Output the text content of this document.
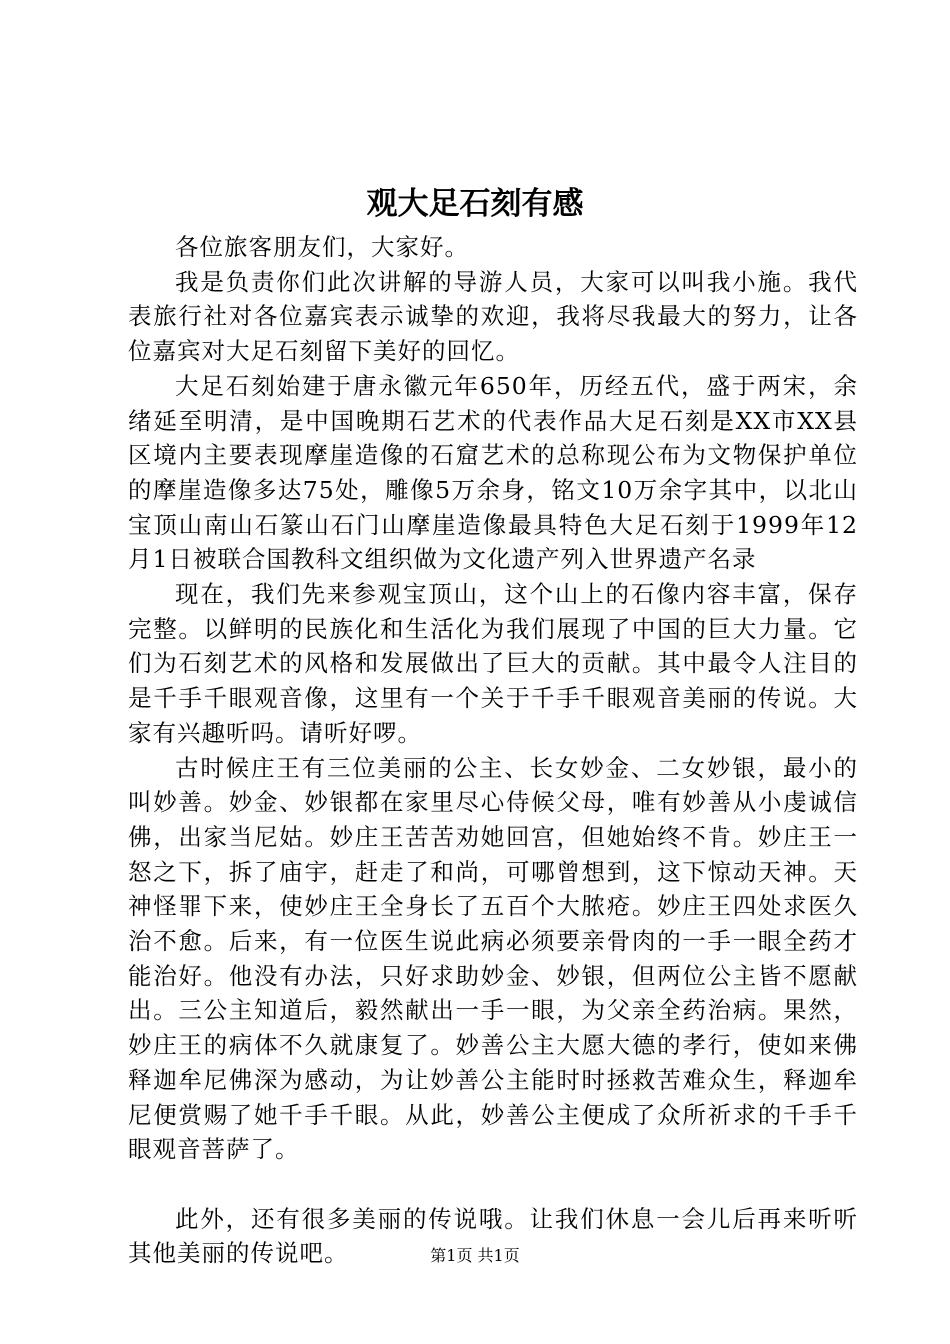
观大足石刻有感

各位旅客朋友们，大家好。

我是负责你们此次讲解的导游人员，大家可以叫我小施。我代表旅行社对各位嘉宾表示诚挚的欢迎，我将尽我最大的努力，让各位嘉宾对大足石刻留下美好的回忆。

大足石刻始建于唐永徽元年650年，历经五代，盛于两宋，余绪延至明清，是中国晚期石艺术的代表作品大足石刻是XX市XX县区境内主要表现摩崖造像的石窟艺术的总称现公布为文物保护单位的摩崖造像多达75处，雕像5万余身，铭文10万余字其中，以北山宝顶山南山石篆山石门山摩崖造像最具特色大足石刻于1999年12月1日被联合国教科文组织做为文化遗产列入世界遗产名录

现在，我们先来参观宝顶山，这个山上的石像内容丰富，保存完整。以鲜明的民族化和生活化为我们展现了中国的巨大力量。它们为石刻艺术的风格和发展做出了巨大的贡献。其中最令人注目的是千手千眼观音像，这里有一个关于千手千眼观音美丽的传说。大家有兴趣听吗。请听好啰。

古时候庄王有三位美丽的公主、长女妙金、二女妙银，最小的叫妙善。妙金、妙银都在家里尽心侍候父母，唯有妙善从小虔诚信佛，出家当尼姑。妙庄王苦苦劝她回宫，但她始终不肯。妙庄王一怒之下，拆了庙宇，赶走了和尚，可哪曾想到，这下惊动天神。天神怪罪下来，使妙庄王全身长了五百个大脓疮。妙庄王四处求医久治不愈。后来，有一位医生说此病必须要亲骨肉的一手一眼全药才能治好。他没有办法，只好求助妙金、妙银，但两位公主皆不愿献出。三公主知道后，毅然献出一手一眼，为父亲全药治病。果然，妙庄王的病体不久就康复了。妙善公主大愿大德的孝行，使如来佛释迦牟尼佛深为感动，为让妙善公主能时时拯救苦难众生，释迦牟尼便赏赐了她千手千眼。从此，妙善公主便成了众所祈求的千手千眼观音菩萨了。

此外，还有很多美丽的传说哦。让我们休息一会儿后再来听听其他美丽的传说吧。	第1页 共1页
